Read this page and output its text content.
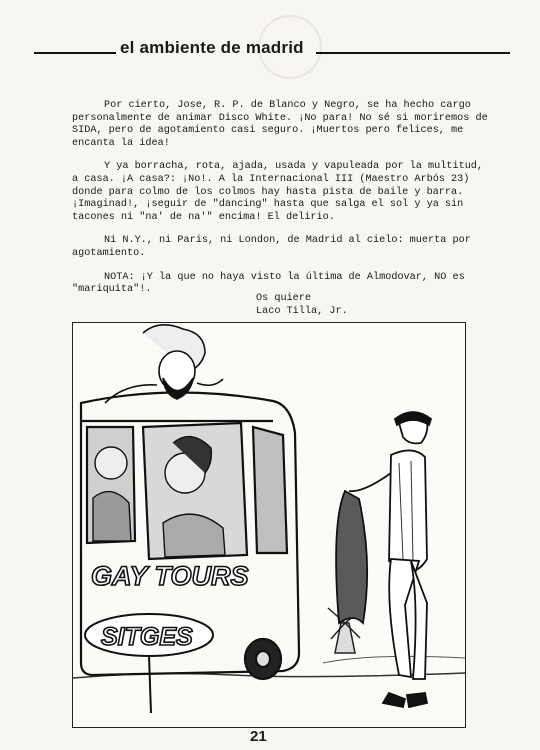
el ambiente de madrid

Por cierto, Jose, R. P. de Blanco y Negro, se ha hecho cargo personalmente de animar Disco White. ¡No para! No sé si moriremos de SIDA, pero de agotamiento casi seguro. ¡Muertos pero felices, me encanta la idea!

Y ya borracha, rota, ajada, usada y vapuleada por la multitud, a casa. ¡A casa?: ¡No!. A la Internacional III (Maestro Arbós 23) donde para colmo de los colmos hay hasta pista de baile y barra. ¡Imaginad!, ¡seguir de "dancing" hasta que salga el sol y ya sin tacones ni "na' de na'" encima! El delirio.

Ni N.Y., ni Paris, ni London, de Madrid al cielo: muerta por agotamiento.

NOTA: ¡Y la que no haya visto la última de Almodovar, NO es "mariquita"!.

Os quiere
Laco Tilla, Jr.
GAY TOURS
SITGES
21
